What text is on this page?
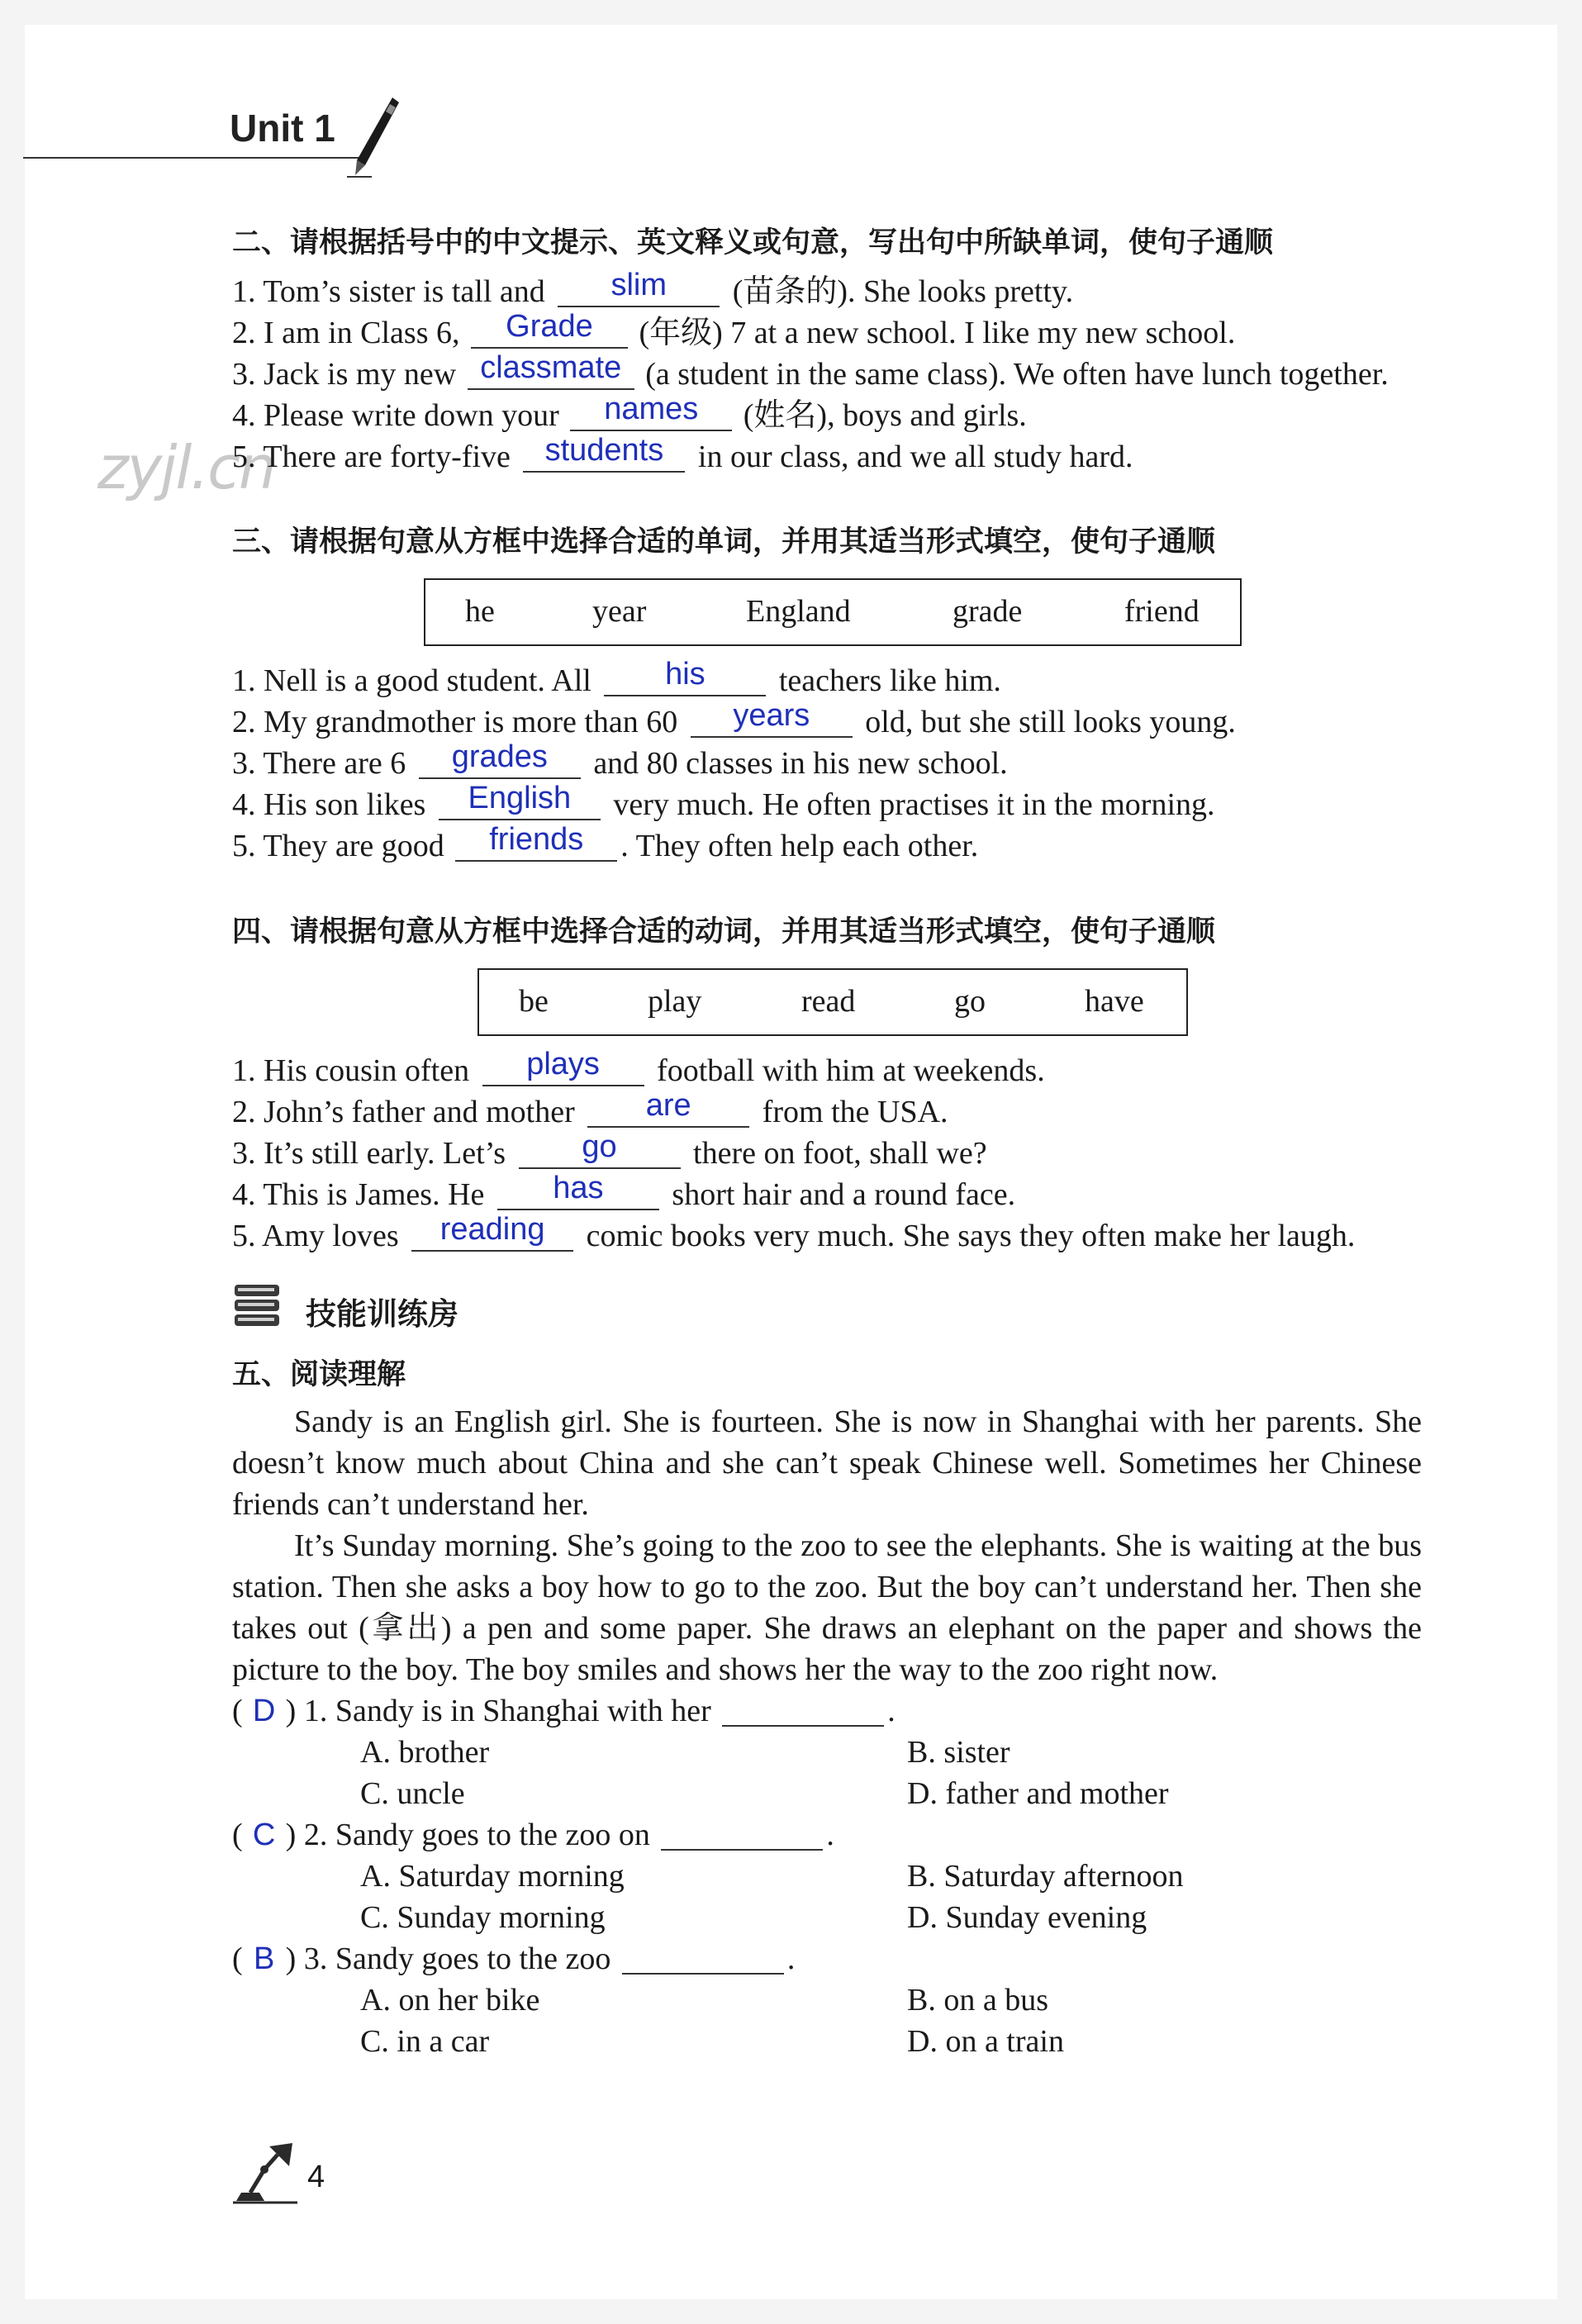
Unit 1
zyjl.cn
二、请根据括号中的中文提示、英文释义或句意，写出句中所缺单词，使句子通顺
1. Tom’s sister is tall and slim (苗条的). She looks pretty.
2. I am in Class 6, Grade (年级) 7 at a new school. I like my new school.
3. Jack is my new classmate (a student in the same class). We often have lunch together.
4. Please write down your names (姓名), boys and girls.
5. There are forty-five students in our class, and we all study hard.
三、请根据句意从方框中选择合适的单词，并用其适当形式填空，使句子通顺
he	year	England	grade	friend
1. Nell is a good student. All his teachers like him.
2. My grandmother is more than 60 years old, but she still looks young.
3. There are 6 grades and 80 classes in his new school.
4. His son likes English very much. He often practises it in the morning.
5. They are good friends . They often help each other.
四、请根据句意从方框中选择合适的动词，并用其适当形式填空，使句子通顺
be	play	read	go	have
1. His cousin often plays football with him at weekends.
2. John’s father and mother are from the USA.
3. It’s still early. Let’s go there on foot, shall we?
4. This is James. He has short hair and a round face.
5. Amy loves reading comic books very much. She says they often make her laugh.
技能训练房
五、阅读理解
Sandy is an English girl. She is fourteen. She is now in Shanghai with her parents. She doesn’t know much about China and she can’t speak Chinese well. Sometimes her Chinese friends can’t understand her.
It’s Sunday morning. She’s going to the zoo to see the elephants. She is waiting at the bus station. Then she asks a boy how to go to the zoo. But the boy can’t understand her. Then she takes out (拿出) a pen and some paper. She draws an elephant on the paper and shows the picture to the boy. The boy smiles and shows her the way to the zoo right now.
( D ) 1. Sandy is in Shanghai with her	.
A. brother	B. sister
C. uncle	D. father and mother
( C ) 2. Sandy goes to the zoo on	.
A. Saturday morning	B. Saturday afternoon
C. Sunday morning	D. Sunday evening
( B ) 3. Sandy goes to the zoo	.
A. on her bike	B. on a bus
C. in a car	D. on a train
4
